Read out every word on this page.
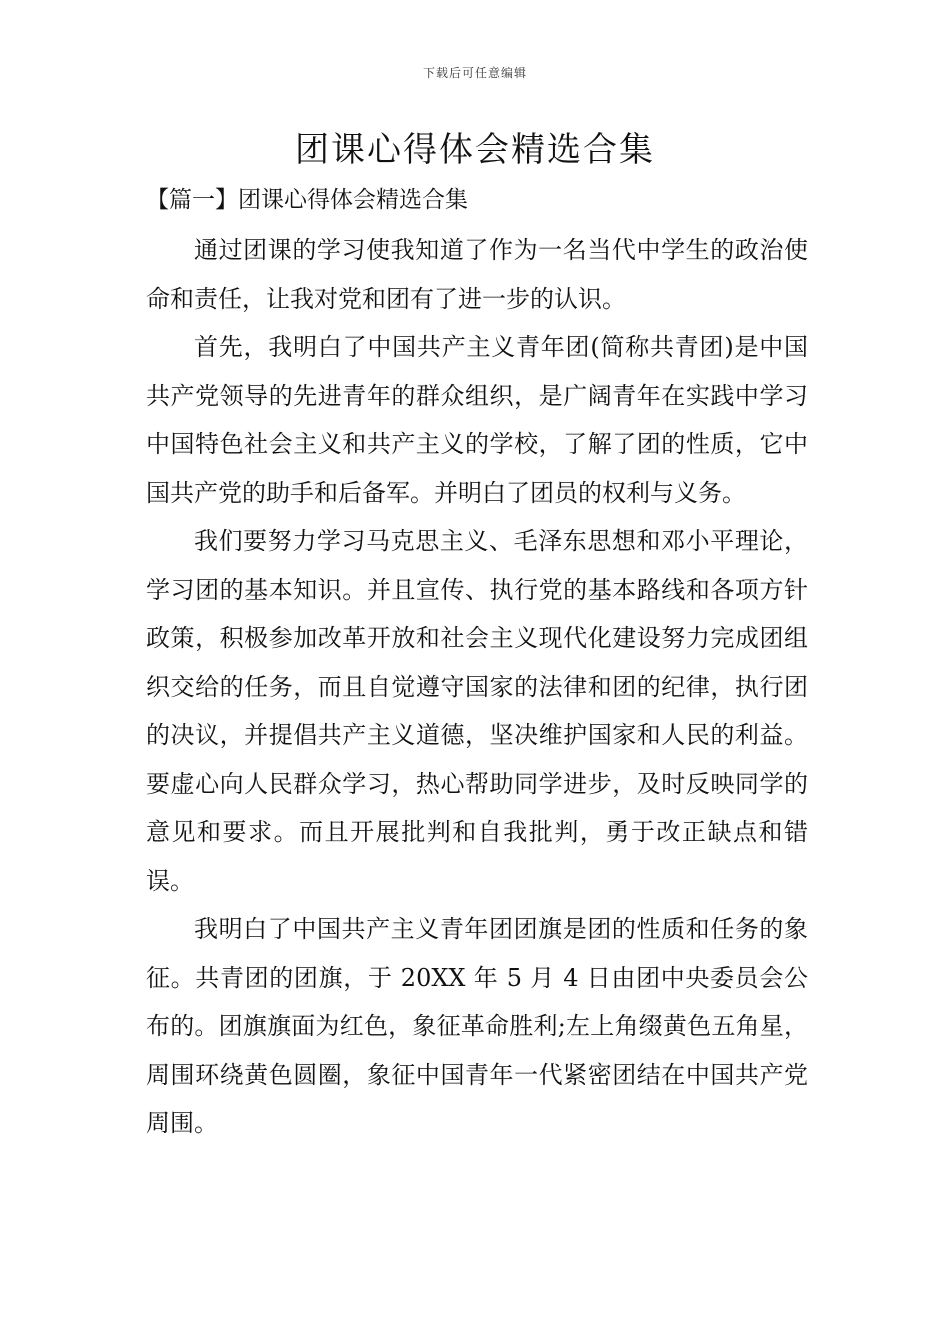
下载后可任意编辑
团课心得体会精选合集
【篇一】团课心得体会精选合集

通过团课的学习使我知道了作为一名当代中学生的政治使命和责任，让我对党和团有了进一步的认识。

首先，我明白了中国共产主义青年团(简称共青团)是中国共产党领导的先进青年的群众组织，是广阔青年在实践中学习中国特色社会主义和共产主义的学校，了解了团的性质，它中国共产党的助手和后备军。并明白了团员的权利与义务。

我们要努力学习马克思主义、毛泽东思想和邓小平理论，学习团的基本知识。并且宣传、执行党的基本路线和各项方针政策，积极参加改革开放和社会主义现代化建设努力完成团组织交给的任务，而且自觉遵守国家的法律和团的纪律，执行团的决议，并提倡共产主义道德，坚决维护国家和人民的利益。要虚心向人民群众学习，热心帮助同学进步，及时反映同学的意见和要求。而且开展批判和自我批判，勇于改正缺点和错误。

我明白了中国共产主义青年团团旗是团的性质和任务的象征。共青团的团旗，于 20XX 年 5 月 4 日由团中央委员会公布的。团旗旗面为红色，象征革命胜利;左上角缀黄色五角星，周围环绕黄色圆圈，象征中国青年一代紧密团结在中国共产党周围。
